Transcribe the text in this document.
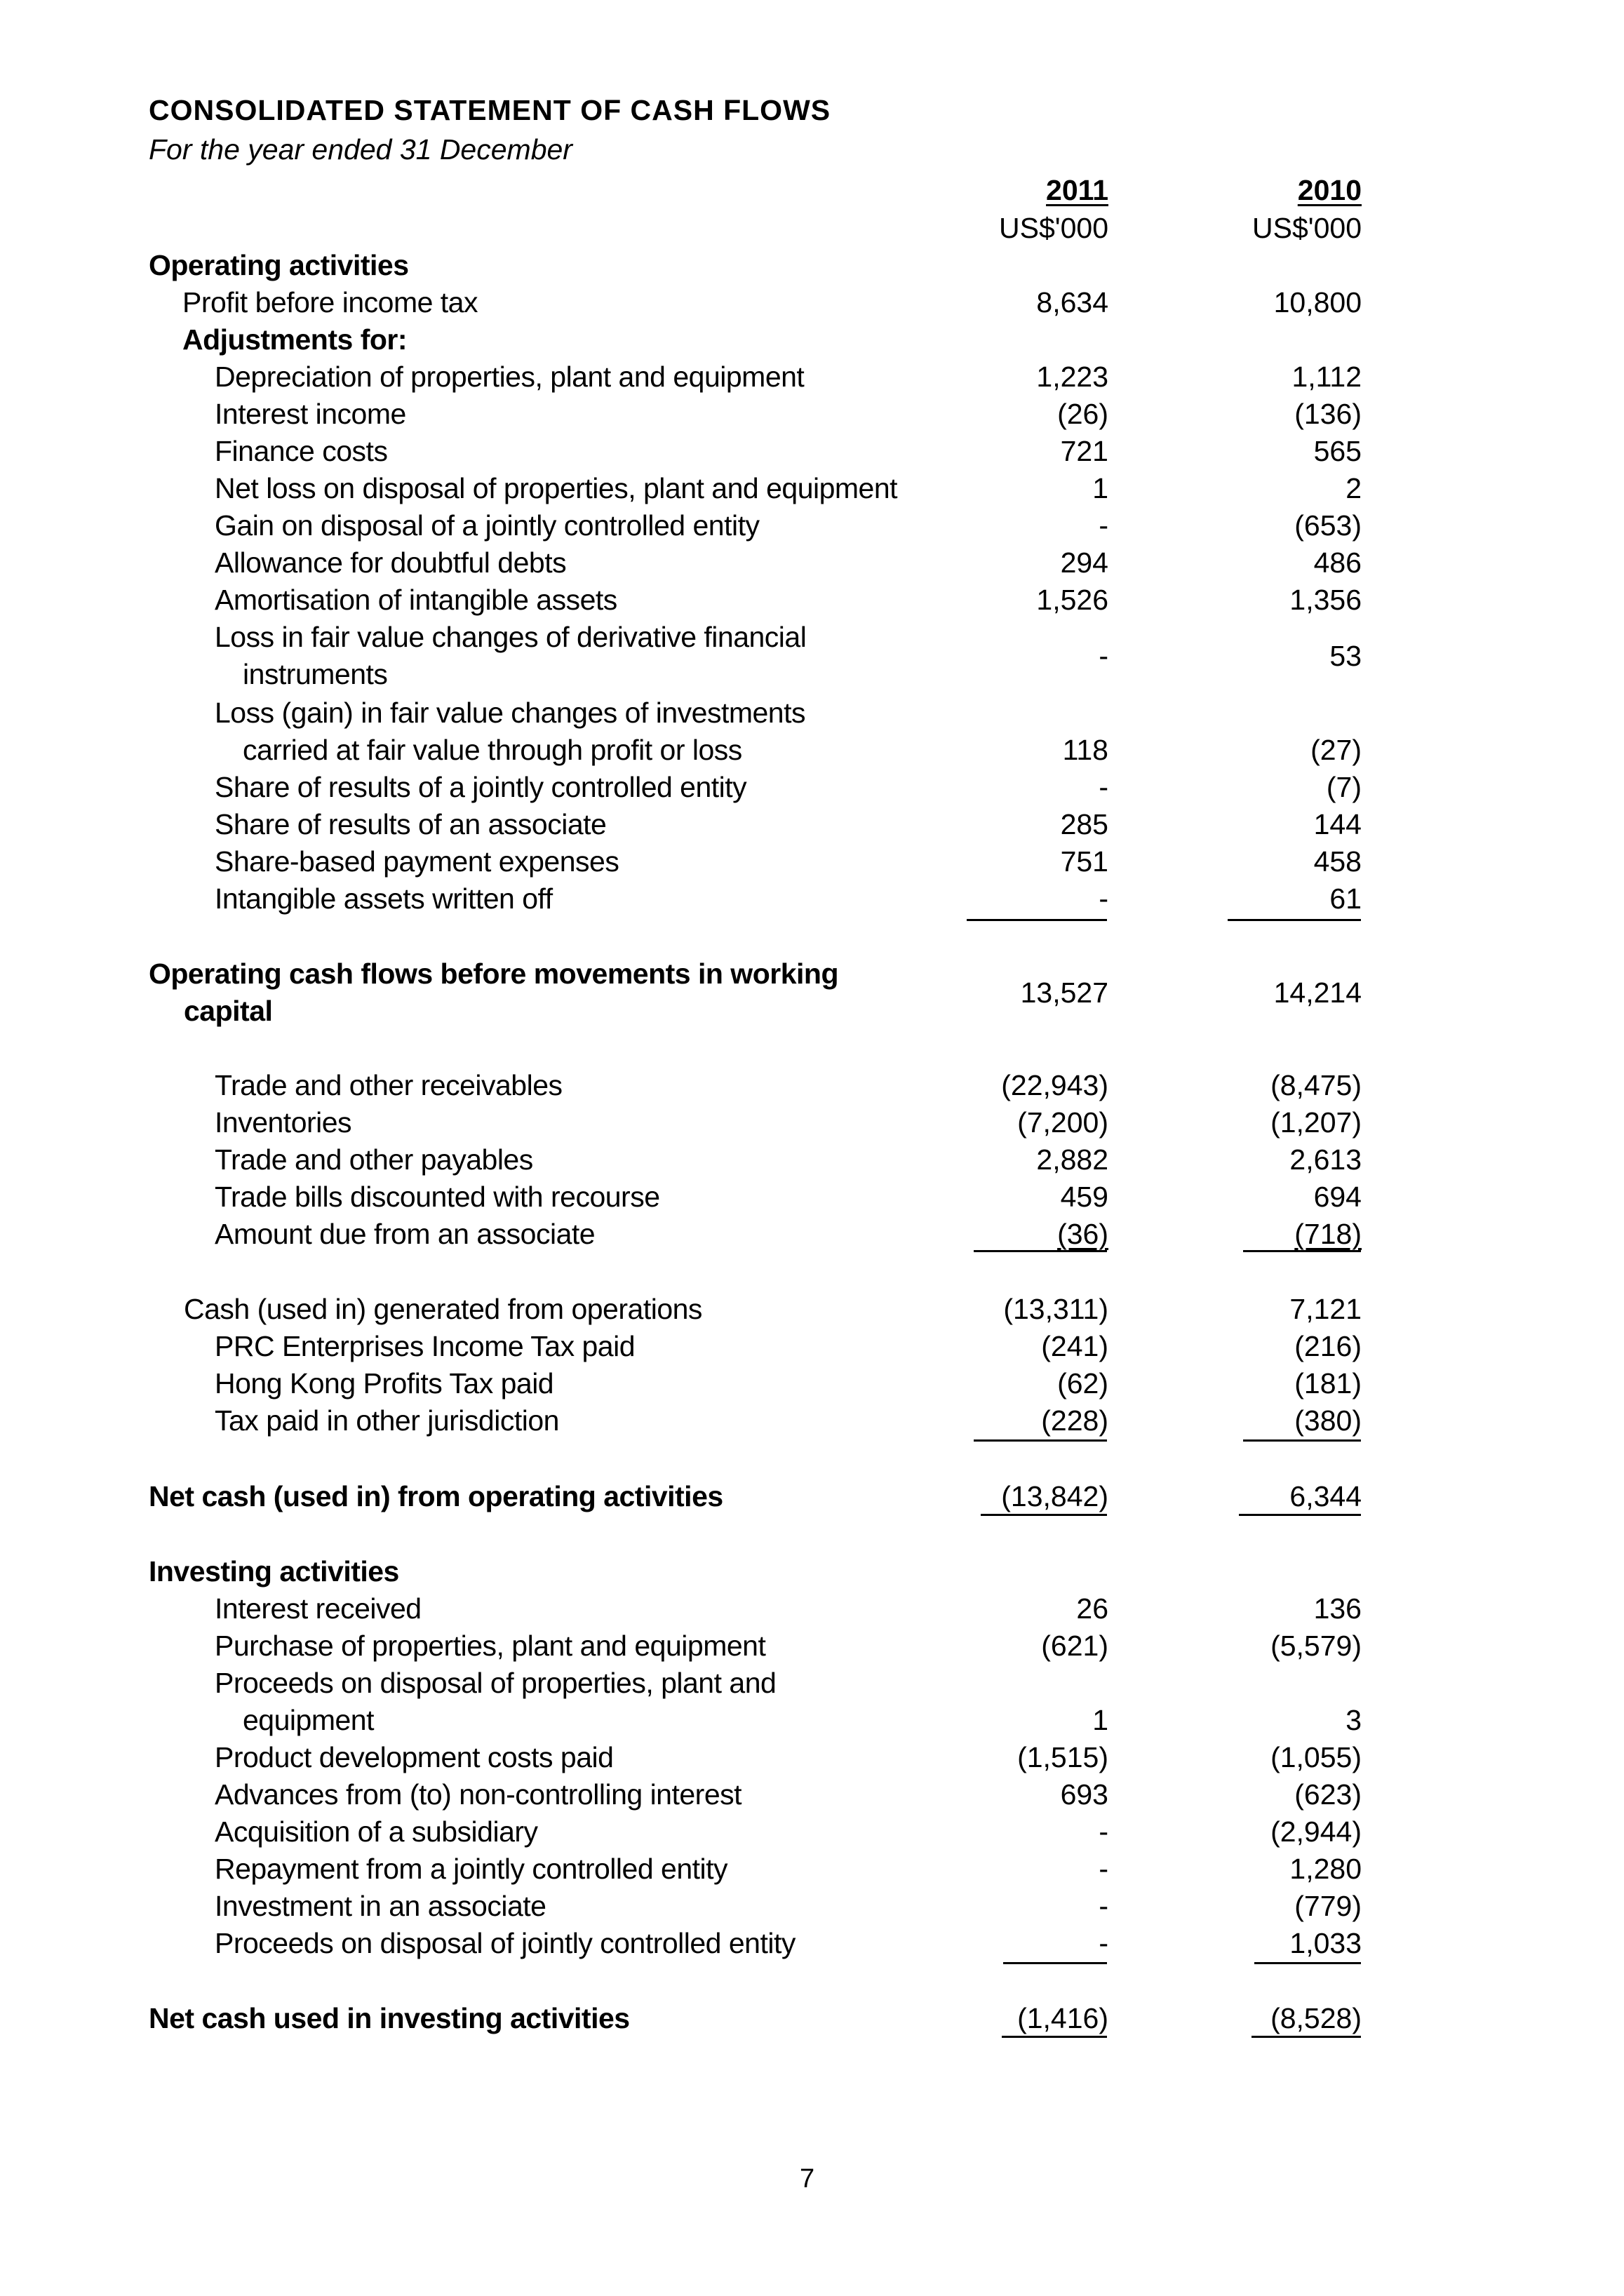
CONSOLIDATED STATEMENT OF CASH FLOWS
For the year ended 31 December
2011	2010
US$'000	US$'000
Operating activities
Profit before income tax	8,634	10,800
Adjustments for:
Depreciation of properties, plant and equipment	1,223	1,112
Interest income	(26)	(136)
Finance costs	721	565
Net loss on disposal of properties, plant and equipment	1	2
Gain on disposal of a jointly controlled entity	-	(653)
Allowance for doubtful debts	294	486
Amortisation of intangible assets	1,526	1,356
Loss in fair value changes of derivative financial
instruments
-	53
Loss (gain) in fair value changes of investments
carried at fair value through profit or loss	118	(27)
Share of results of a jointly controlled entity	-	(7)
Share of results of an associate	285	144
Share-based payment expenses	751	458
Intangible assets written off	-	61
Operating cash flows before movements in working
capital
13,527	14,214
Trade and other receivables	(22,943)	(8,475)
Inventories	(7,200)	(1,207)
Trade and other payables	2,882	2,613
Trade bills discounted with recourse	459	694
Amount due from an associate	(36)	(718)
Cash (used in) generated from operations	(13,311)	7,121
PRC Enterprises Income Tax paid	(241)	(216)
Hong Kong Profits Tax paid	(62)	(181)
Tax paid in other jurisdiction	(228)	(380)
Net cash (used in) from operating activities	(13,842)	6,344
Investing activities
Interest received	26	136
Purchase of properties, plant and equipment	(621)	(5,579)
Proceeds on disposal of properties, plant and
equipment	1	3
Product development costs paid	(1,515)	(1,055)
Advances from (to) non-controlling interest	693	(623)
Acquisition of a subsidiary	-	(2,944)
Repayment from a jointly controlled entity	-	1,280
Investment in an associate	-	(779)
Proceeds on disposal of jointly controlled entity	-	1,033
Net cash used in investing activities	(1,416)	(8,528)
7
